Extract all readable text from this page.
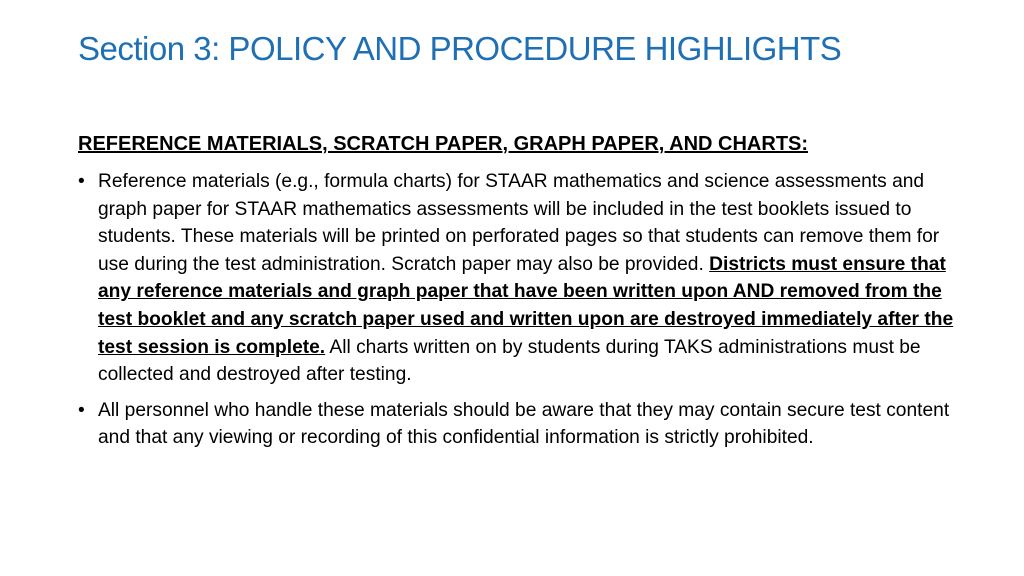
Section 3: POLICY AND PROCEDURE HIGHLIGHTS

REFERENCE MATERIALS, SCRATCH PAPER, GRAPH PAPER, AND CHARTS:

• Reference materials (e.g., formula charts) for STAAR mathematics and science assessments and graph paper for STAAR mathematics assessments will be included in the test booklets issued to students. These materials will be printed on perforated pages so that students can remove them for use during the test administration. Scratch paper may also be provided. Districts must ensure that any reference materials and graph paper that have been written upon AND removed from the test booklet and any scratch paper used and written upon are destroyed immediately after the test session is complete. All charts written on by students during TAKS administrations must be collected and destroyed after testing.
• All personnel who handle these materials should be aware that they may contain secure test content and that any viewing or recording of this confidential information is strictly prohibited.
